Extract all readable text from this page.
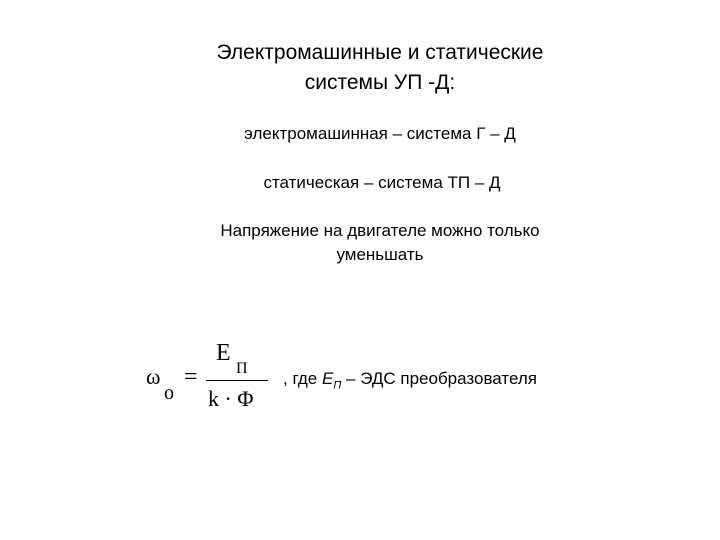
Электромашинные и статические
системы УП -Д:
электромашинная – система Г – Д
статическая – система ТП – Д
Напряжение на двигателе можно только
уменьшать
ω
о
=
E
П
k · Φ
, где $E_П$ – ЭДС преобразователя
